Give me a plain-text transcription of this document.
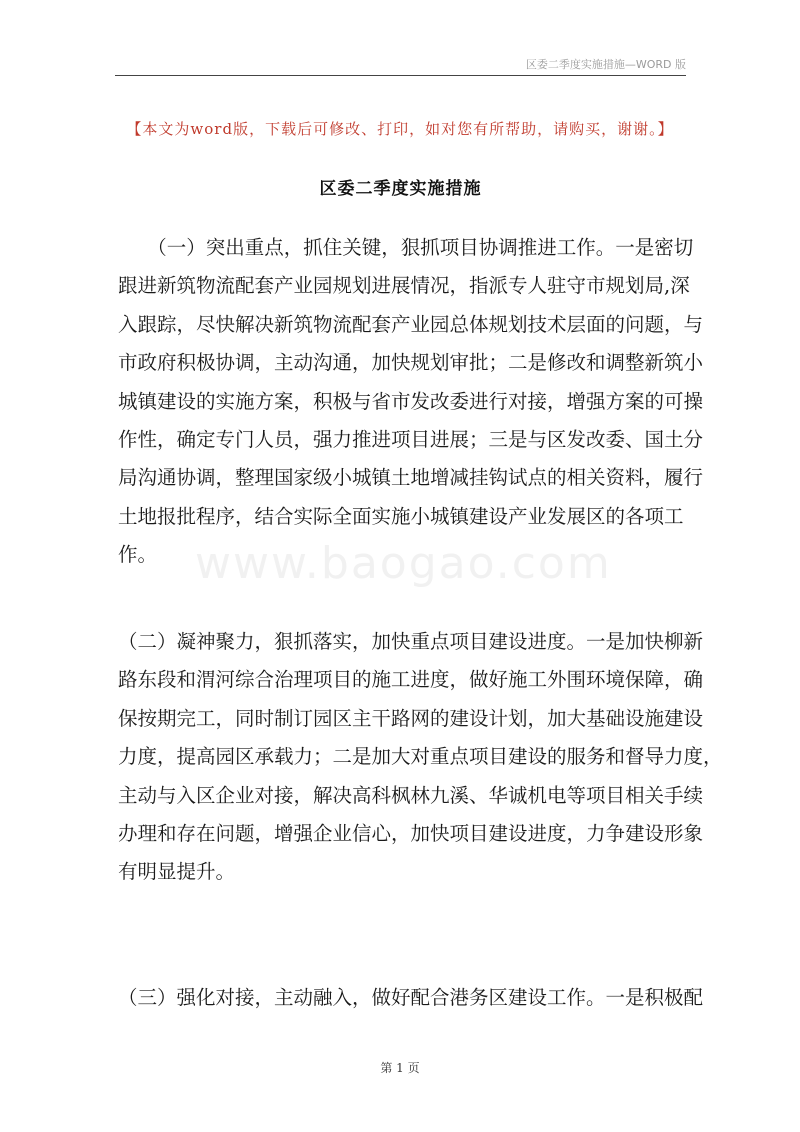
区委二季度实施措施—WORD 版
www.baogao.com
【本文为word版，下载后可修改、打印，如对您有所帮助，请购买，谢谢。】
区委二季度实施措施
　　（一）突出重点，抓住关键，狠抓项目协调推进工作。一是密切
跟进新筑物流配套产业园规划进展情况，指派专人驻守市规划局,深
入跟踪，尽快解决新筑物流配套产业园总体规划技术层面的问题，与
市政府积极协调，主动沟通，加快规划审批；二是修改和调整新筑小
城镇建设的实施方案，积极与省市发改委进行对接，增强方案的可操
作性，确定专门人员，强力推进项目进展；三是与区发改委、国土分
局沟通协调，整理国家级小城镇土地增减挂钩试点的相关资料，履行
土地报批程序，结合实际全面实施小城镇建设产业发展区的各项工
作。
（二）凝神聚力，狠抓落实，加快重点项目建设进度。一是加快柳新
路东段和渭河综合治理项目的施工进度，做好施工外围环境保障，确
保按期完工，同时制订园区主干路网的建设计划，加大基础设施建设
力度，提高园区承载力；二是加大对重点项目建设的服务和督导力度，
主动与入区企业对接，解决高科枫林九溪、华诚机电等项目相关手续
办理和存在问题，增强企业信心，加快项目建设进度，力争建设形象
有明显提升。
（三）强化对接，主动融入，做好配合港务区建设工作。一是积极配
第 1 页
